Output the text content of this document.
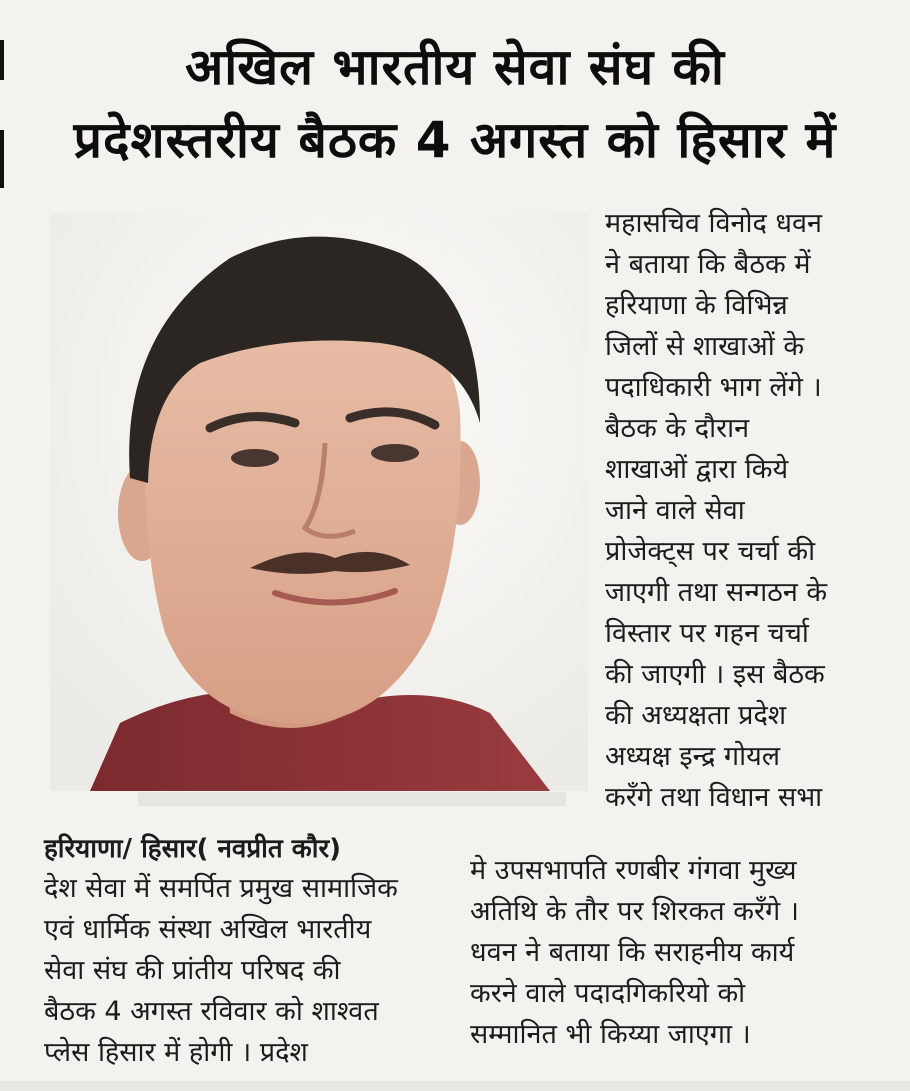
अखिल भारतीय सेवा संघ की
प्रदेशस्तरीय बैठक 4 अगस्त को हिसार में
महासचिव विनोद धवन
ने बताया कि बैठक में
हरियाणा के विभिन्न
जिलों से शाखाओं के
पदाधिकारी भाग लेंगे ।
बैठक के दौरान
शाखाओं द्वारा किये
जाने वाले सेवा
प्रोजेक्ट्स पर चर्चा की
जाएगी तथा सन्गठन के
विस्तार पर गहन चर्चा
की जाएगी । इस बैठक
की अध्यक्षता प्रदेश
अध्यक्ष इन्द्र गोयल
करँगे तथा विधान सभा
हरियाणा/ हिसार( नवप्रीत कौर)
देश सेवा में समर्पित प्रमुख सामाजिक
एवं धार्मिक संस्था अखिल भारतीय
सेवा संघ की प्रांतीय परिषद की
बैठक 4 अगस्त रविवार को शाश्वत
प्लेस हिसार में होगी । प्रदेश
मे उपसभापति रणबीर गंगवा मुख्य
अतिथि के तौर पर शिरकत करँगे ।
धवन ने बताया कि सराहनीय कार्य
करने वाले पदादगिकरियो को
सम्मानित भी किय्या जाएगा ।
